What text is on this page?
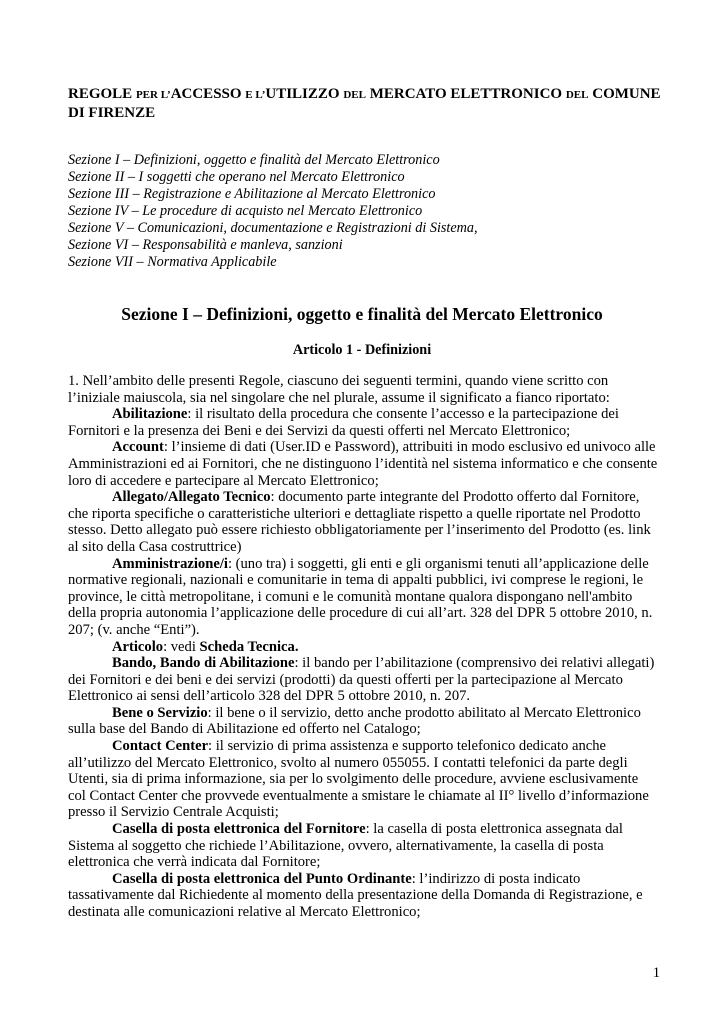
REGOLE PER L’ACCESSO E L’UTILIZZO DEL MERCATO ELETTRONICO DEL COMUNE DI FIRENZE
Sezione I – Definizioni, oggetto e finalità del Mercato Elettronico
Sezione II – I soggetti che operano nel Mercato Elettronico
Sezione III – Registrazione e Abilitazione al Mercato Elettronico
Sezione IV – Le procedure di acquisto nel Mercato Elettronico
Sezione V – Comunicazioni, documentazione e Registrazioni di Sistema,
Sezione VI – Responsabilità e manleva, sanzioni
Sezione VII – Normativa Applicabile
Sezione I – Definizioni, oggetto e finalità del Mercato Elettronico
Articolo 1 - Definizioni

1. Nell’ambito delle presenti Regole, ciascuno dei seguenti termini, quando viene scritto con l’iniziale maiuscola, sia nel singolare che nel plurale, assume il significato a fianco riportato:

Abilitazione: il risultato della procedura che consente l’accesso e la partecipazione dei Fornitori e la presenza dei Beni e dei Servizi da questi offerti nel Mercato Elettronico;

Account: l’insieme di dati (User.ID e Password), attribuiti in modo esclusivo ed univoco alle Amministrazioni ed ai Fornitori, che ne distinguono l’identità nel sistema informatico e che consente loro di accedere e partecipare al Mercato Elettronico;

Allegato/Allegato Tecnico: documento parte integrante del Prodotto offerto dal Fornitore, che riporta specifiche o caratteristiche ulteriori e dettagliate rispetto a quelle riportate nel Prodotto stesso. Detto allegato può essere richiesto obbligatoriamente per l’inserimento del Prodotto (es. link al sito della Casa costruttrice)

Amministrazione/i: (uno tra) i soggetti, gli enti e gli organismi tenuti all’applicazione delle normative regionali, nazionali e comunitarie in tema di appalti pubblici, ivi comprese le regioni, le province, le città metropolitane, i comuni e le comunità montane qualora dispongano nell'ambito della propria autonomia l’applicazione delle procedure di cui all’art. 328 del DPR 5 ottobre 2010, n. 207; (v. anche “Enti”).

Articolo: vedi Scheda Tecnica.

Bando, Bando di Abilitazione: il bando per l’abilitazione (comprensivo dei relativi allegati) dei Fornitori e dei beni e dei servizi (prodotti) da questi offerti per la partecipazione al Mercato Elettronico ai sensi dell’articolo 328 del DPR 5 ottobre 2010, n. 207.

Bene o Servizio: il bene o il servizio, detto anche prodotto abilitato al Mercato Elettronico sulla base del Bando di Abilitazione ed offerto nel Catalogo;

Contact Center: il servizio di prima assistenza e supporto telefonico dedicato anche all’utilizzo del Mercato Elettronico, svolto al numero 055055. I contatti telefonici da parte degli Utenti, sia di prima informazione, sia per lo svolgimento delle procedure, avviene esclusivamente col Contact Center che provvede eventualmente a smistare le chiamate al II° livello d’informazione presso il Servizio Centrale Acquisti;

Casella di posta elettronica del Fornitore: la casella di posta elettronica assegnata dal Sistema al soggetto che richiede l’Abilitazione, ovvero, alternativamente, la casella di posta elettronica che verrà indicata dal Fornitore;

Casella di posta elettronica del Punto Ordinante: l’indirizzo di posta indicato tassativamente dal Richiedente al momento della presentazione della Domanda di Registrazione, e destinata alle comunicazioni relative al Mercato Elettronico;

1
